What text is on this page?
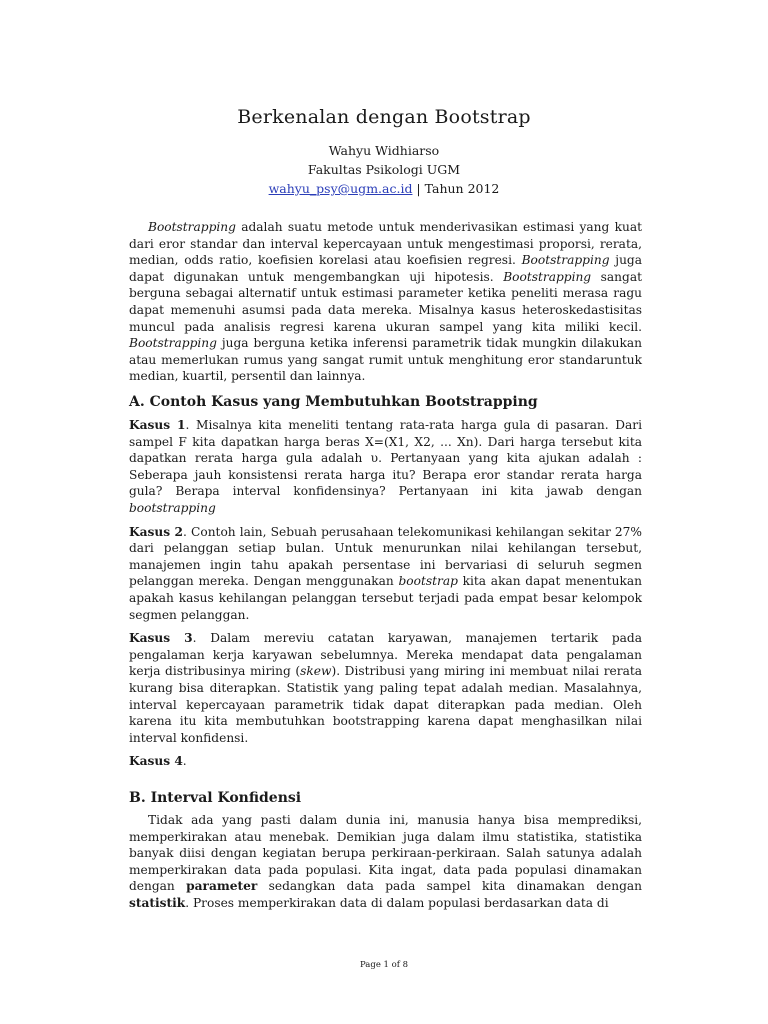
Berkenalan dengan Bootstrap
Wahyu Widhiarso
Fakultas Psikologi UGM
wahyu_psy@ugm.ac.id | Tahun 2012

Bootstrapping adalah suatu metode untuk menderivasikan estimasi yang kuat dari eror standar dan interval kepercayaan untuk mengestimasi proporsi, rerata, median, odds ratio, koefisien korelasi atau koefisien regresi. Bootstrapping juga dapat digunakan untuk mengembangkan uji hipotesis. Bootstrapping sangat berguna sebagai alternatif untuk estimasi parameter ketika peneliti merasa ragu dapat memenuhi asumsi pada data mereka. Misalnya kasus heteroskedastisitas muncul pada analisis regresi karena ukuran sampel yang kita miliki kecil. Bootstrapping juga berguna ketika inferensi parametrik tidak mungkin dilakukan atau memerlukan rumus yang sangat rumit untuk menghitung eror standaruntuk median, kuartil, persentil dan lainnya.

A. Contoh Kasus yang Membutuhkan Bootstrapping

Kasus 1. Misalnya kita meneliti tentang rata-rata harga gula di pasaran. Dari sampel F kita dapatkan harga beras X=(X1, X2, ... Xn). Dari harga tersebut kita dapatkan rerata harga gula adalah υ. Pertanyaan yang kita ajukan adalah : Seberapa jauh konsistensi rerata harga itu? Berapa eror standar rerata harga gula? Berapa interval konfidensinya? Pertanyaan ini kita jawab dengan bootstrapping

Kasus 2. Contoh lain, Sebuah perusahaan telekomunikasi kehilangan sekitar 27% dari pelanggan setiap bulan. Untuk menurunkan nilai kehilangan tersebut, manajemen ingin tahu apakah persentase ini bervariasi di seluruh segmen pelanggan mereka. Dengan menggunakan bootstrap kita akan dapat menentukan apakah kasus kehilangan pelanggan tersebut terjadi pada empat besar kelompok segmen pelanggan.

Kasus 3. Dalam mereviu catatan karyawan, manajemen tertarik pada pengalaman kerja karyawan sebelumnya. Mereka mendapat data pengalaman kerja distribusinya miring (skew). Distribusi yang miring ini membuat nilai rerata kurang bisa diterapkan. Statistik yang paling tepat adalah median. Masalahnya, interval kepercayaan parametrik tidak dapat diterapkan pada median. Oleh karena itu kita membutuhkan bootstrapping karena dapat menghasilkan nilai interval konfidensi.

Kasus 4.

B. Interval Konfidensi

Tidak ada yang pasti dalam dunia ini, manusia hanya bisa memprediksi, memperkirakan atau menebak. Demikian juga dalam ilmu statistika, statistika banyak diisi dengan kegiatan berupa perkiraan-perkiraan. Salah satunya adalah memperkirakan data pada populasi. Kita ingat, data pada populasi dinamakan dengan parameter sedangkan data pada sampel kita dinamakan dengan statistik. Proses memperkirakan data di dalam populasi berdasarkan data di

Page 1 of 8
